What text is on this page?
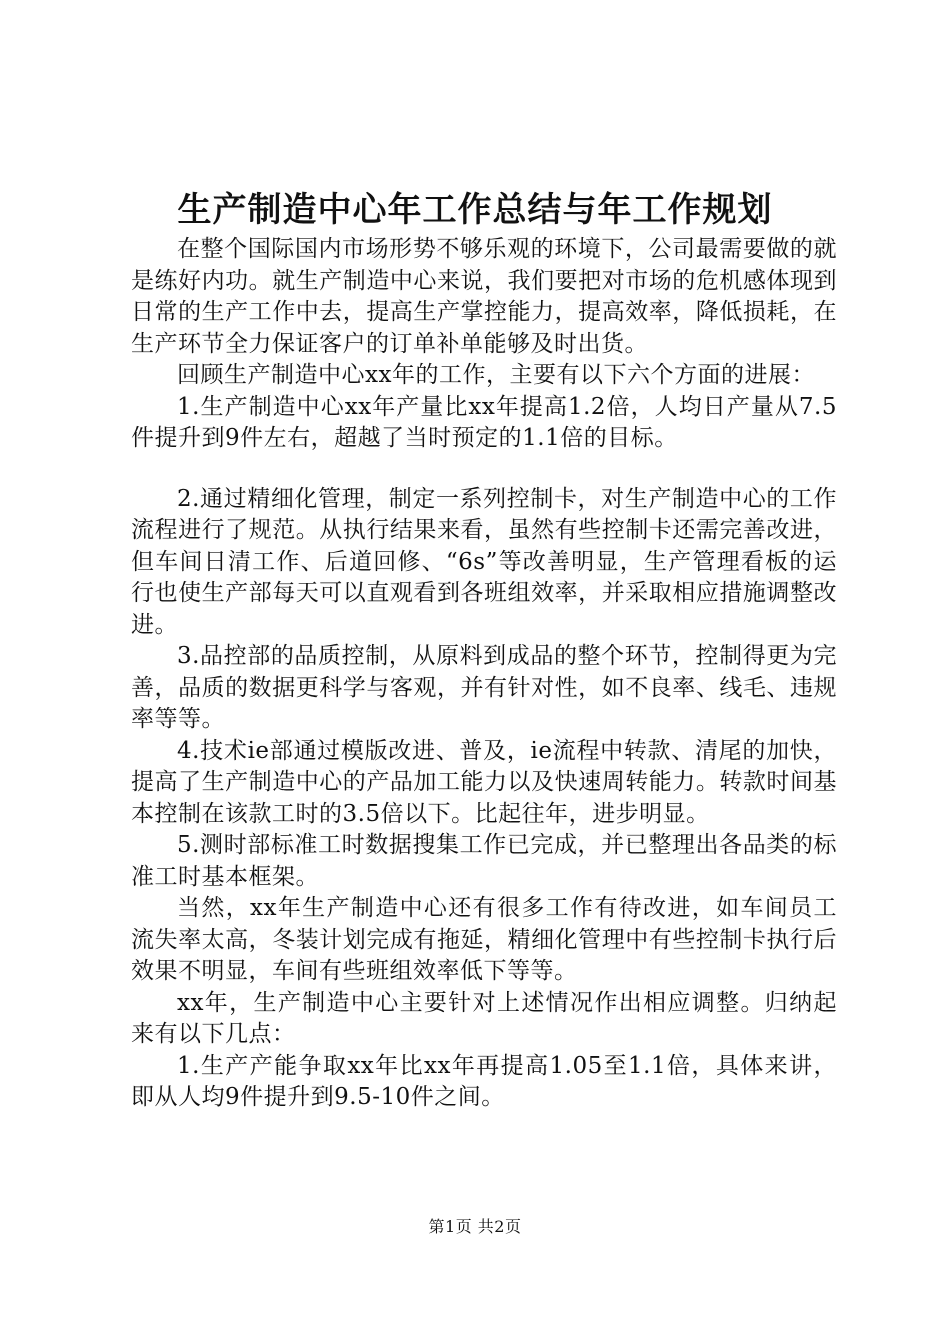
生产制造中心年工作总结与年工作规划

在整个国际国内市场形势不够乐观的环境下，公司最需要做的就是练好内功。就生产制造中心来说，我们要把对市场的危机感体现到日常的生产工作中去，提高生产掌控能力，提高效率，降低损耗，在生产环节全力保证客户的订单补单能够及时出货。

回顾生产制造中心xx年的工作，主要有以下六个方面的进展：

1.生产制造中心xx年产量比xx年提高1.2倍，人均日产量从7.5件提升到9件左右，超越了当时预定的1.1倍的目标。

2.通过精细化管理，制定一系列控制卡，对生产制造中心的工作流程进行了规范。从执行结果来看，虽然有些控制卡还需完善改进，但车间日清工作、后道回修、“6s”等改善明显，生产管理看板的运行也使生产部每天可以直观看到各班组效率，并采取相应措施调整改进。

3.品控部的品质控制，从原料到成品的整个环节，控制得更为完善，品质的数据更科学与客观，并有针对性，如不良率、线毛、违规率等等。

4.技术ie部通过模版改进、普及，ie流程中转款、清尾的加快，提高了生产制造中心的产品加工能力以及快速周转能力。转款时间基本控制在该款工时的3.5倍以下。比起往年，进步明显。

5.测时部标准工时数据搜集工作已完成，并已整理出各品类的标准工时基本框架。

当然，xx年生产制造中心还有很多工作有待改进，如车间员工流失率太高，冬装计划完成有拖延，精细化管理中有些控制卡执行后效果不明显，车间有些班组效率低下等等。

xx年，生产制造中心主要针对上述情况作出相应调整。归纳起来有以下几点：

1.生产产能争取xx年比xx年再提高1.05至1.1倍，具体来讲，即从人均9件提升到9.5-10件之间。

第1页 共2页
